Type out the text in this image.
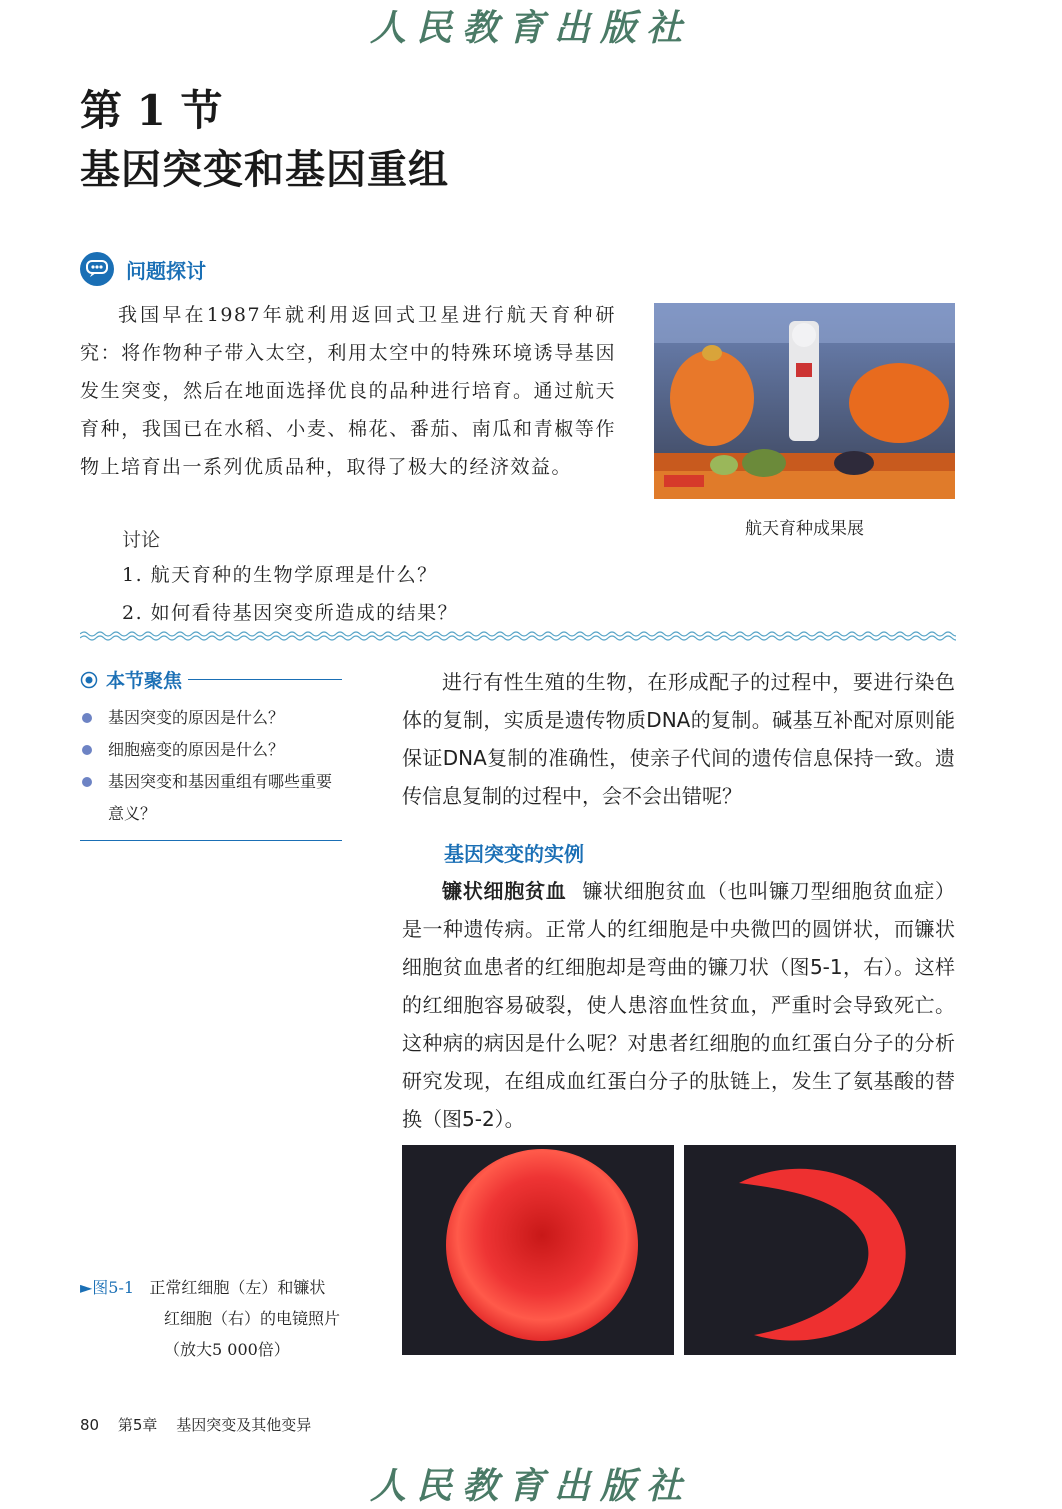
人民教育出版社
第 1 节
基因突变和基因重组
问题探讨
我国早在1987年就利用返回式卫星进行航天育种研究：将作物种子带入太空，利用太空中的特殊环境诱导基因发生突变，然后在地面选择优良的品种进行培育。通过航天育种，我国已在水稻、小麦、棉花、番茄、南瓜和青椒等作物上培育出一系列优质品种，取得了极大的经济效益。
航天育种成果展
讨论
1. 航天育种的生物学原理是什么？
2. 如何看待基因突变所造成的结果？
本节聚焦
基因突变的原因是什么？
细胞癌变的原因是什么？
基因突变和基因重组有哪些重要意义？
进行有性生殖的生物，在形成配子的过程中，要进行染色体的复制，实质是遗传物质DNA的复制。碱基互补配对原则能保证DNA复制的准确性，使亲子代间的遗传信息保持一致。遗传信息复制的过程中，会不会出错呢？
基因突变的实例
镰状细胞贫血 镰状细胞贫血（也叫镰刀型细胞贫血症）是一种遗传病。正常人的红细胞是中央微凹的圆饼状，而镰状细胞贫血患者的红细胞却是弯曲的镰刀状（图5-1，右）。这样的红细胞容易破裂，使人患溶血性贫血，严重时会导致死亡。这种病的病因是什么呢？对患者红细胞的血红蛋白分子的分析研究发现，在组成血红蛋白分子的肽链上，发生了氨基酸的替换（图5-2）。
►图5-1 正常红细胞（左）和镰状
红细胞（右）的电镜照片
（放大5 000倍）
80 第5章 基因突变及其他变异
人民教育出版社
